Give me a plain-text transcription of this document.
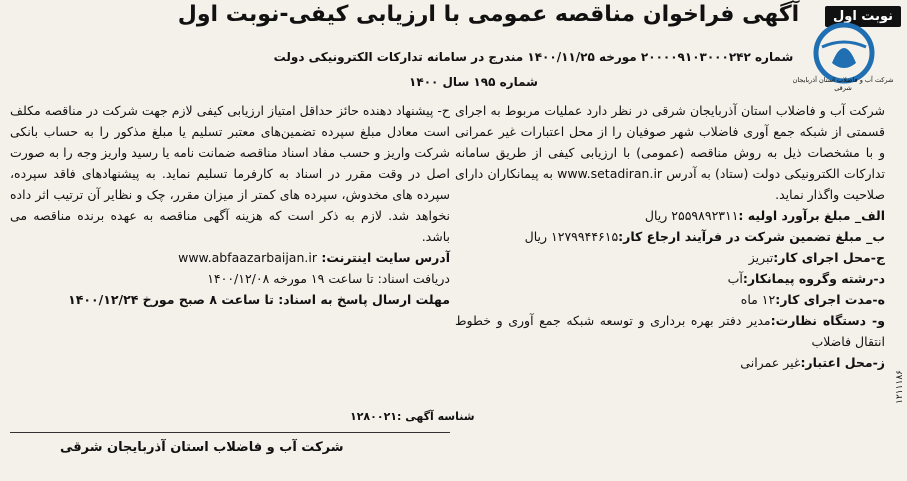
نوبت اول
آگهی فراخوان مناقصه عمومی با ارزیابی کیفی-نوبت اول
شماره ۲۰۰۰۰۹۱۰۳۰۰۰۲۴۲ مورخه ۱۴۰۰/۱۱/۲۵ مندرج در سامانه تدارکات الکترونیکی دولت
شماره ۱۹۵ سال ۱۴۰۰	شرکت آب و فاضلاب استان آذربایجان شرقی

شرکت آب و فاضلاب استان آذربایجان شرقی در نظر دارد عملیات مربوط به اجرای قسمتی از شبکه جمع آوری فاضلاب شهر صوفیان را از محل اعتبارات غیر عمرانی و با مشخصات ذیل به روش مناقصه (عمومی) با ارزیابی کیفی از طریق سامانه تدارکات الکترونیکی دولت (ستاد) به آدرس www.setadiran.ir به پیمانکاران دارای صلاحیت واگذار نماید.

الف_ مبلغ برآورد اولیه :۲۵۵۹۸۹۲۳۱۱ ریال
ب_ مبلغ تضمین شرکت در فرآیند ارجاع کار:۱۲۷۹۹۴۴۶۱۵ ریال
ج-محل اجرای کار:تبریز
د-رشته وگروه پیمانکار:آب
ه-مدت اجرای کار:۱۲ ماه
و- دستگاه نظارت:مدیر دفتر بهره برداری و توسعه شبکه جمع آوری و خطوط انتقال فاضلاب
ز-محل اعتبار:غیر عمرانی

ح- پیشنهاد دهنده حائز حداقل امتیاز ارزیابی کیفی لازم جهت شرکت در مناقصه مکلف است معادل مبلغ سپرده تضمین‌های معتبر تسلیم یا مبلغ مذکور را به حساب بانکی شرکت واریز و حسب مفاد اسناد مناقصه ضمانت نامه یا رسید واریز وجه را به صورت اصل در وقت مقرر در اسناد به کارفرما تسلیم نماید. به پیشنهادهای فاقد سپرده، سپرده های مخدوش، سپرده های کمتر از میزان مقرر، چک و نظایر آن ترتیب اثر داده نخواهد شد. لازم به ذکر است که هزینه آگهی مناقصه به عهده برنده مناقصه می باشد.

آدرس سایت اینترنت: www.abfaazarbaijan.ir
دریافت اسناد: تا ساعت ۱۹ مورخه ۱۴۰۰/۱۲/۰۸
مهلت ارسال پاسخ به اسناد: تا ساعت ۸ صبح مورخ ۱۴۰۰/۱۲/۲۴
شناسه آگهی :۱۲۸۰۰۲۱
شرکت آب و فاضلاب استان آذربایجان شرقی
۱۲۱۱۱۸۶
